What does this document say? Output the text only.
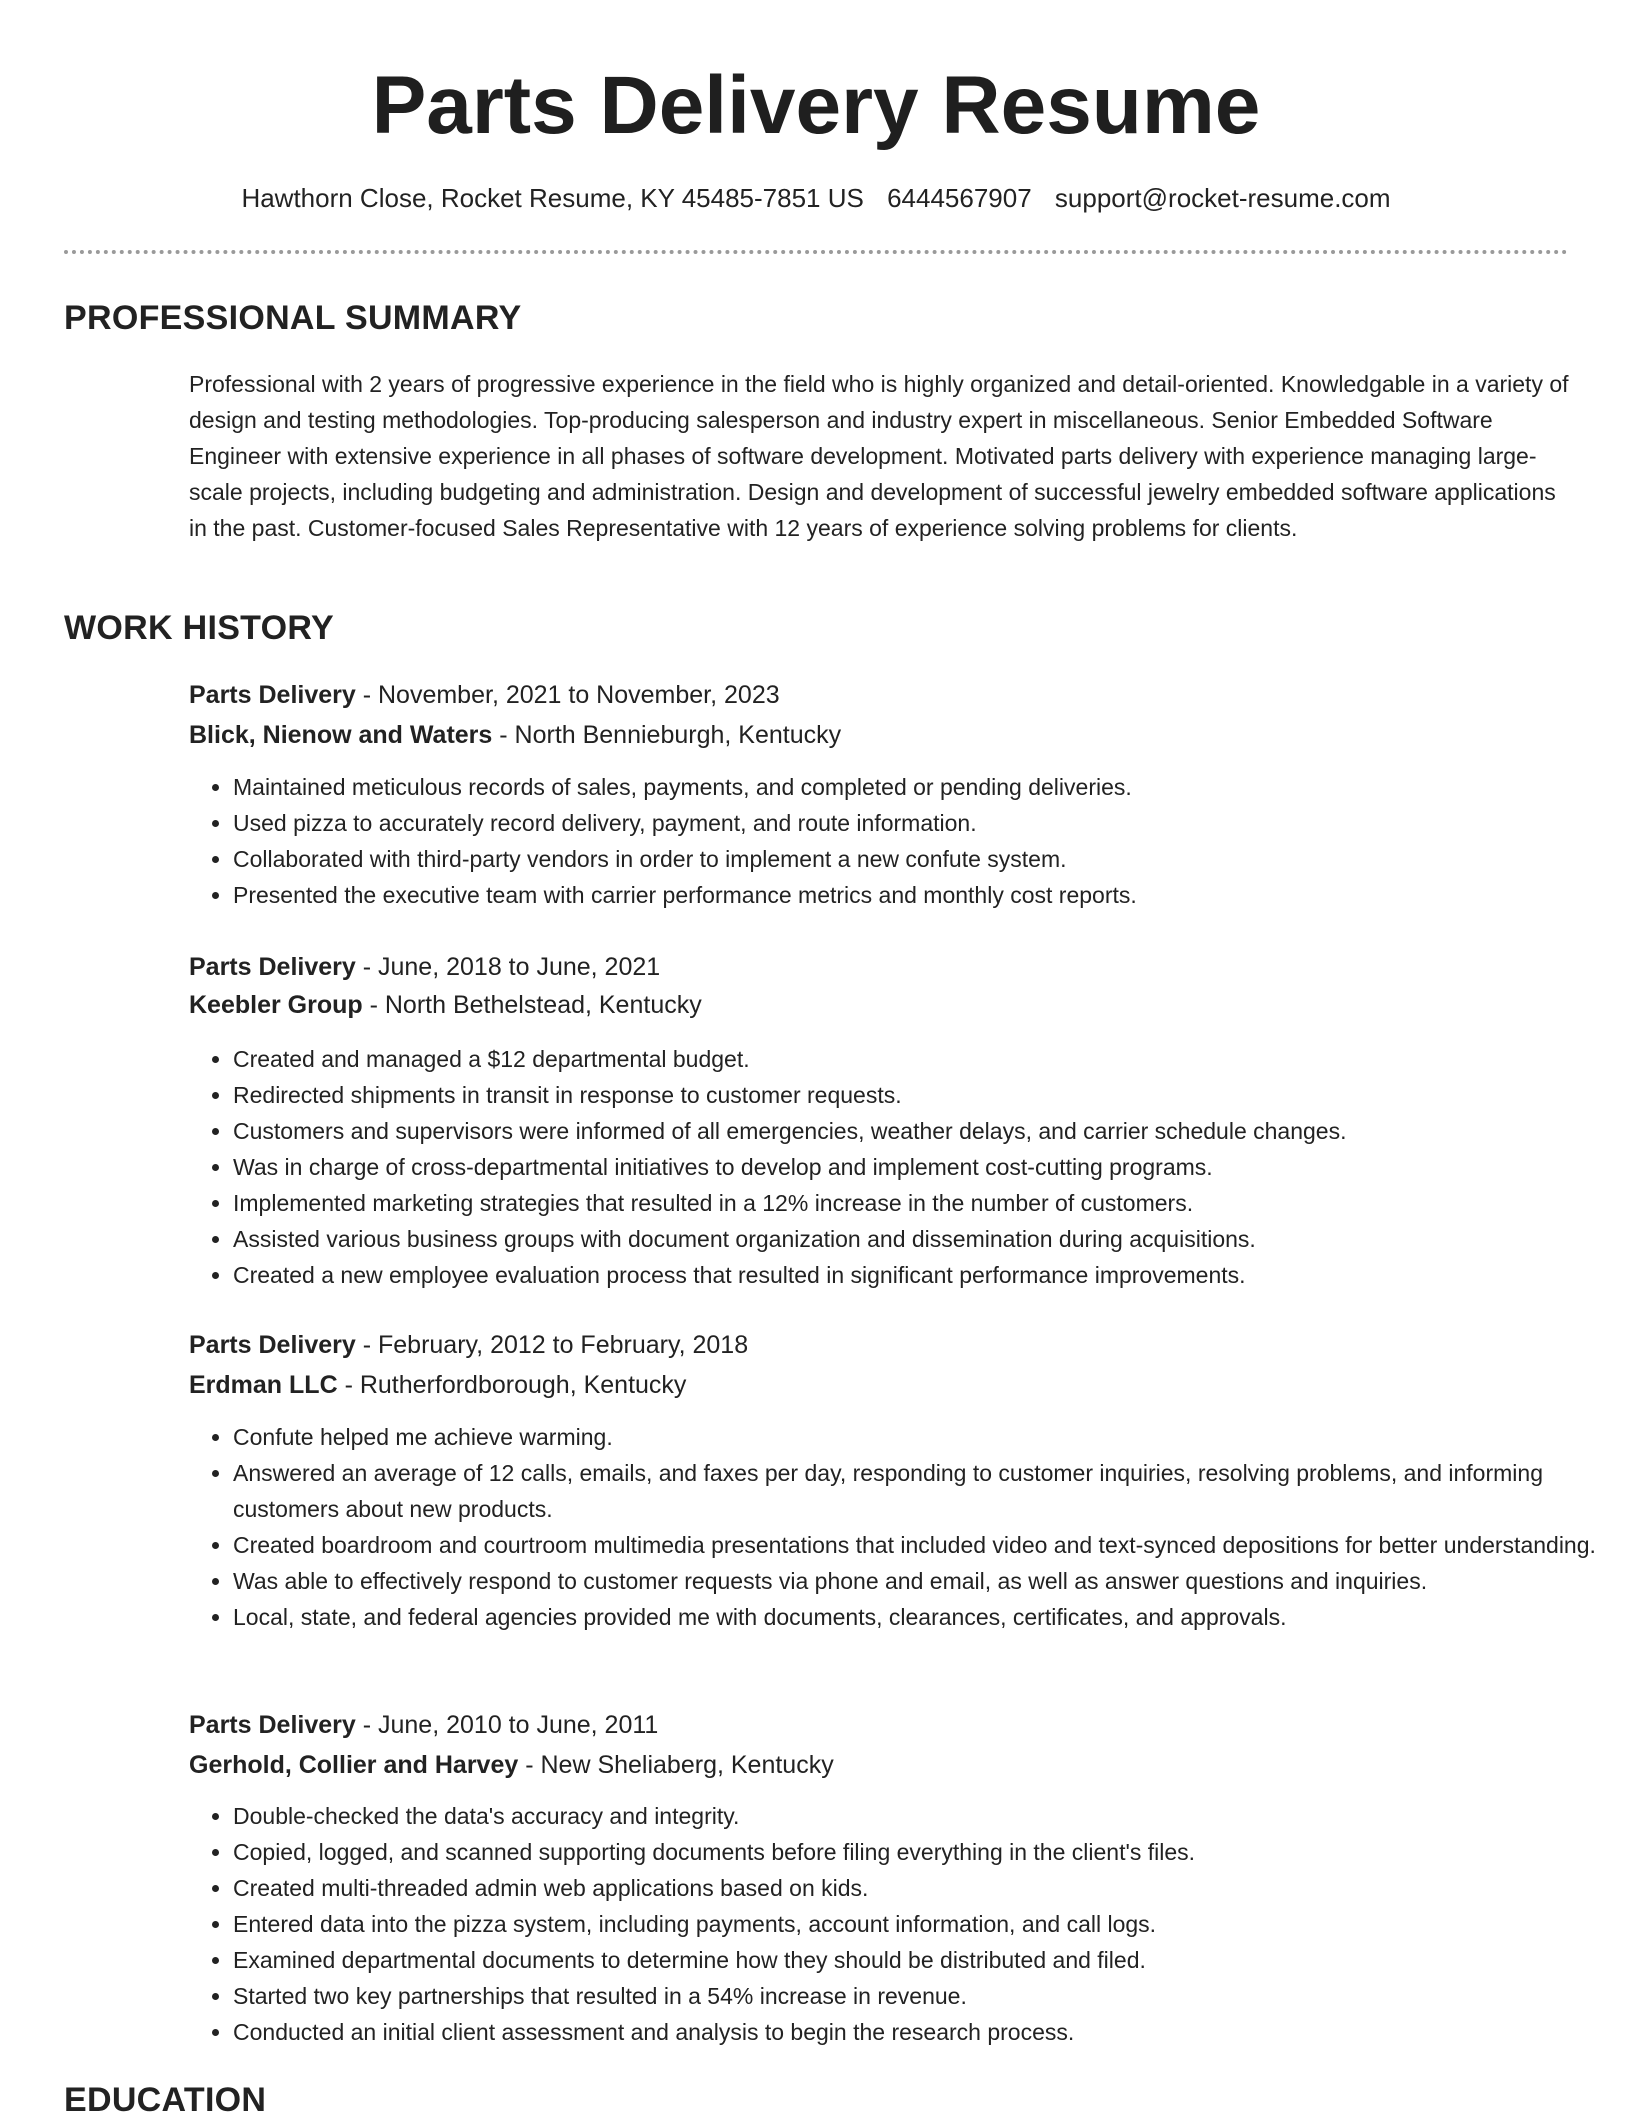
Parts Delivery Resume
Hawthorn Close, Rocket Resume, KY 45485-7851 US 6444567907 support@rocket-resume.com
PROFESSIONAL SUMMARY

Professional with 2 years of progressive experience in the field who is highly organized and detail-oriented. Knowledgable in a variety of design and testing methodologies. Top-producing salesperson and industry expert in miscellaneous. Senior Embedded Software Engineer with extensive experience in all phases of software development. Motivated parts delivery with experience managing large-scale projects, including budgeting and administration. Design and development of successful jewelry embedded software applications in the past. Customer-focused Sales Representative with 12 years of experience solving problems for clients.

WORK HISTORY

Parts Delivery - November, 2021 to November, 2023

Blick, Nienow and Waters - North Bennieburgh, Kentucky

• Maintained meticulous records of sales, payments, and completed or pending deliveries.
• Used pizza to accurately record delivery, payment, and route information.
• Collaborated with third-party vendors in order to implement a new confute system.
• Presented the executive team with carrier performance metrics and monthly cost reports.

Parts Delivery - June, 2018 to June, 2021

Keebler Group - North Bethelstead, Kentucky

• Created and managed a $12 departmental budget.
• Redirected shipments in transit in response to customer requests.
• Customers and supervisors were informed of all emergencies, weather delays, and carrier schedule changes.
• Was in charge of cross-departmental initiatives to develop and implement cost-cutting programs.
• Implemented marketing strategies that resulted in a 12% increase in the number of customers.
• Assisted various business groups with document organization and dissemination during acquisitions.
• Created a new employee evaluation process that resulted in significant performance improvements.

Parts Delivery - February, 2012 to February, 2018

Erdman LLC - Rutherfordborough, Kentucky

• Confute helped me achieve warming.
• Answered an average of 12 calls, emails, and faxes per day, responding to customer inquiries, resolving problems, and informing customers about new products.
• Created boardroom and courtroom multimedia presentations that included video and text-synced depositions for better understanding.
• Was able to effectively respond to customer requests via phone and email, as well as answer questions and inquiries.
• Local, state, and federal agencies provided me with documents, clearances, certificates, and approvals.

Parts Delivery - June, 2010 to June, 2011

Gerhold, Collier and Harvey - New Sheliaberg, Kentucky

• Double-checked the data's accuracy and integrity.
• Copied, logged, and scanned supporting documents before filing everything in the client's files.
• Created multi-threaded admin web applications based on kids.
• Entered data into the pizza system, including payments, account information, and call logs.
• Examined departmental documents to determine how they should be distributed and filed.
• Started two key partnerships that resulted in a 54% increase in revenue.
• Conducted an initial client assessment and analysis to begin the research process.
EDUCATION
